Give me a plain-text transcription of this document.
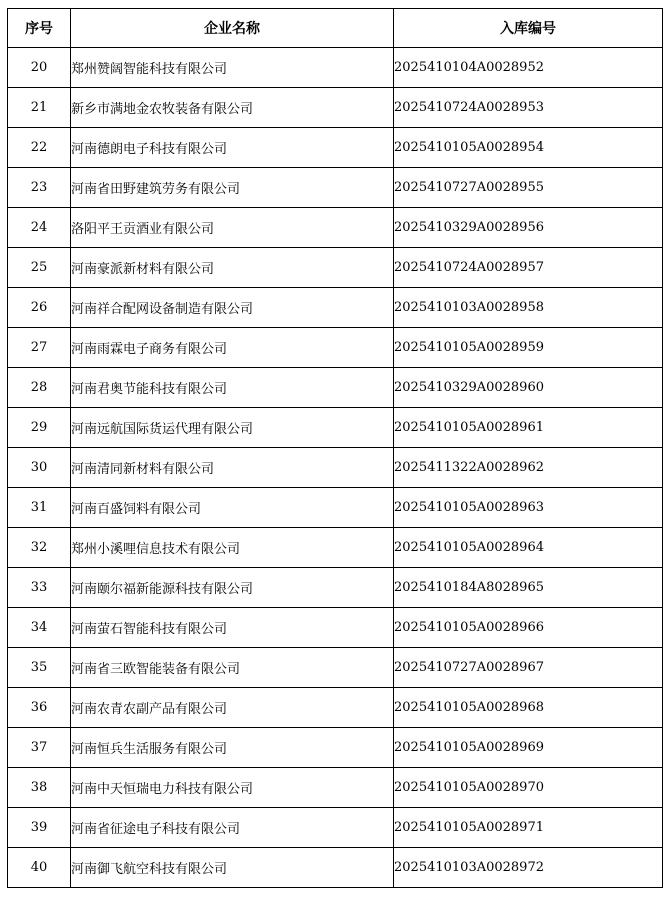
序号	企业名称	入库编号
20	郑州赞阔智能科技有限公司	2025410104A0028952
21	新乡市满地金农牧装备有限公司	2025410724A0028953
22	河南德朗电子科技有限公司	2025410105A0028954
23	河南省田野建筑劳务有限公司	2025410727A0028955
24	洛阳平王贡酒业有限公司	2025410329A0028956
25	河南豪派新材料有限公司	2025410724A0028957
26	河南祥合配网设备制造有限公司	2025410103A0028958
27	河南雨霖电子商务有限公司	2025410105A0028959
28	河南君奥节能科技有限公司	2025410329A0028960
29	河南远航国际货运代理有限公司	2025410105A0028961
30	河南清同新材料有限公司	2025411322A0028962
31	河南百盛饲料有限公司	2025410105A0028963
32	郑州小溪哩信息技术有限公司	2025410105A0028964
33	河南颐尔福新能源科技有限公司	2025410184A8028965
34	河南萤石智能科技有限公司	2025410105A0028966
35	河南省三欧智能装备有限公司	2025410727A0028967
36	河南农青农副产品有限公司	2025410105A0028968
37	河南恒兵生活服务有限公司	2025410105A0028969
38	河南中天恒瑞电力科技有限公司	2025410105A0028970
39	河南省征途电子科技有限公司	2025410105A0028971
40	河南御飞航空科技有限公司	2025410103A0028972
